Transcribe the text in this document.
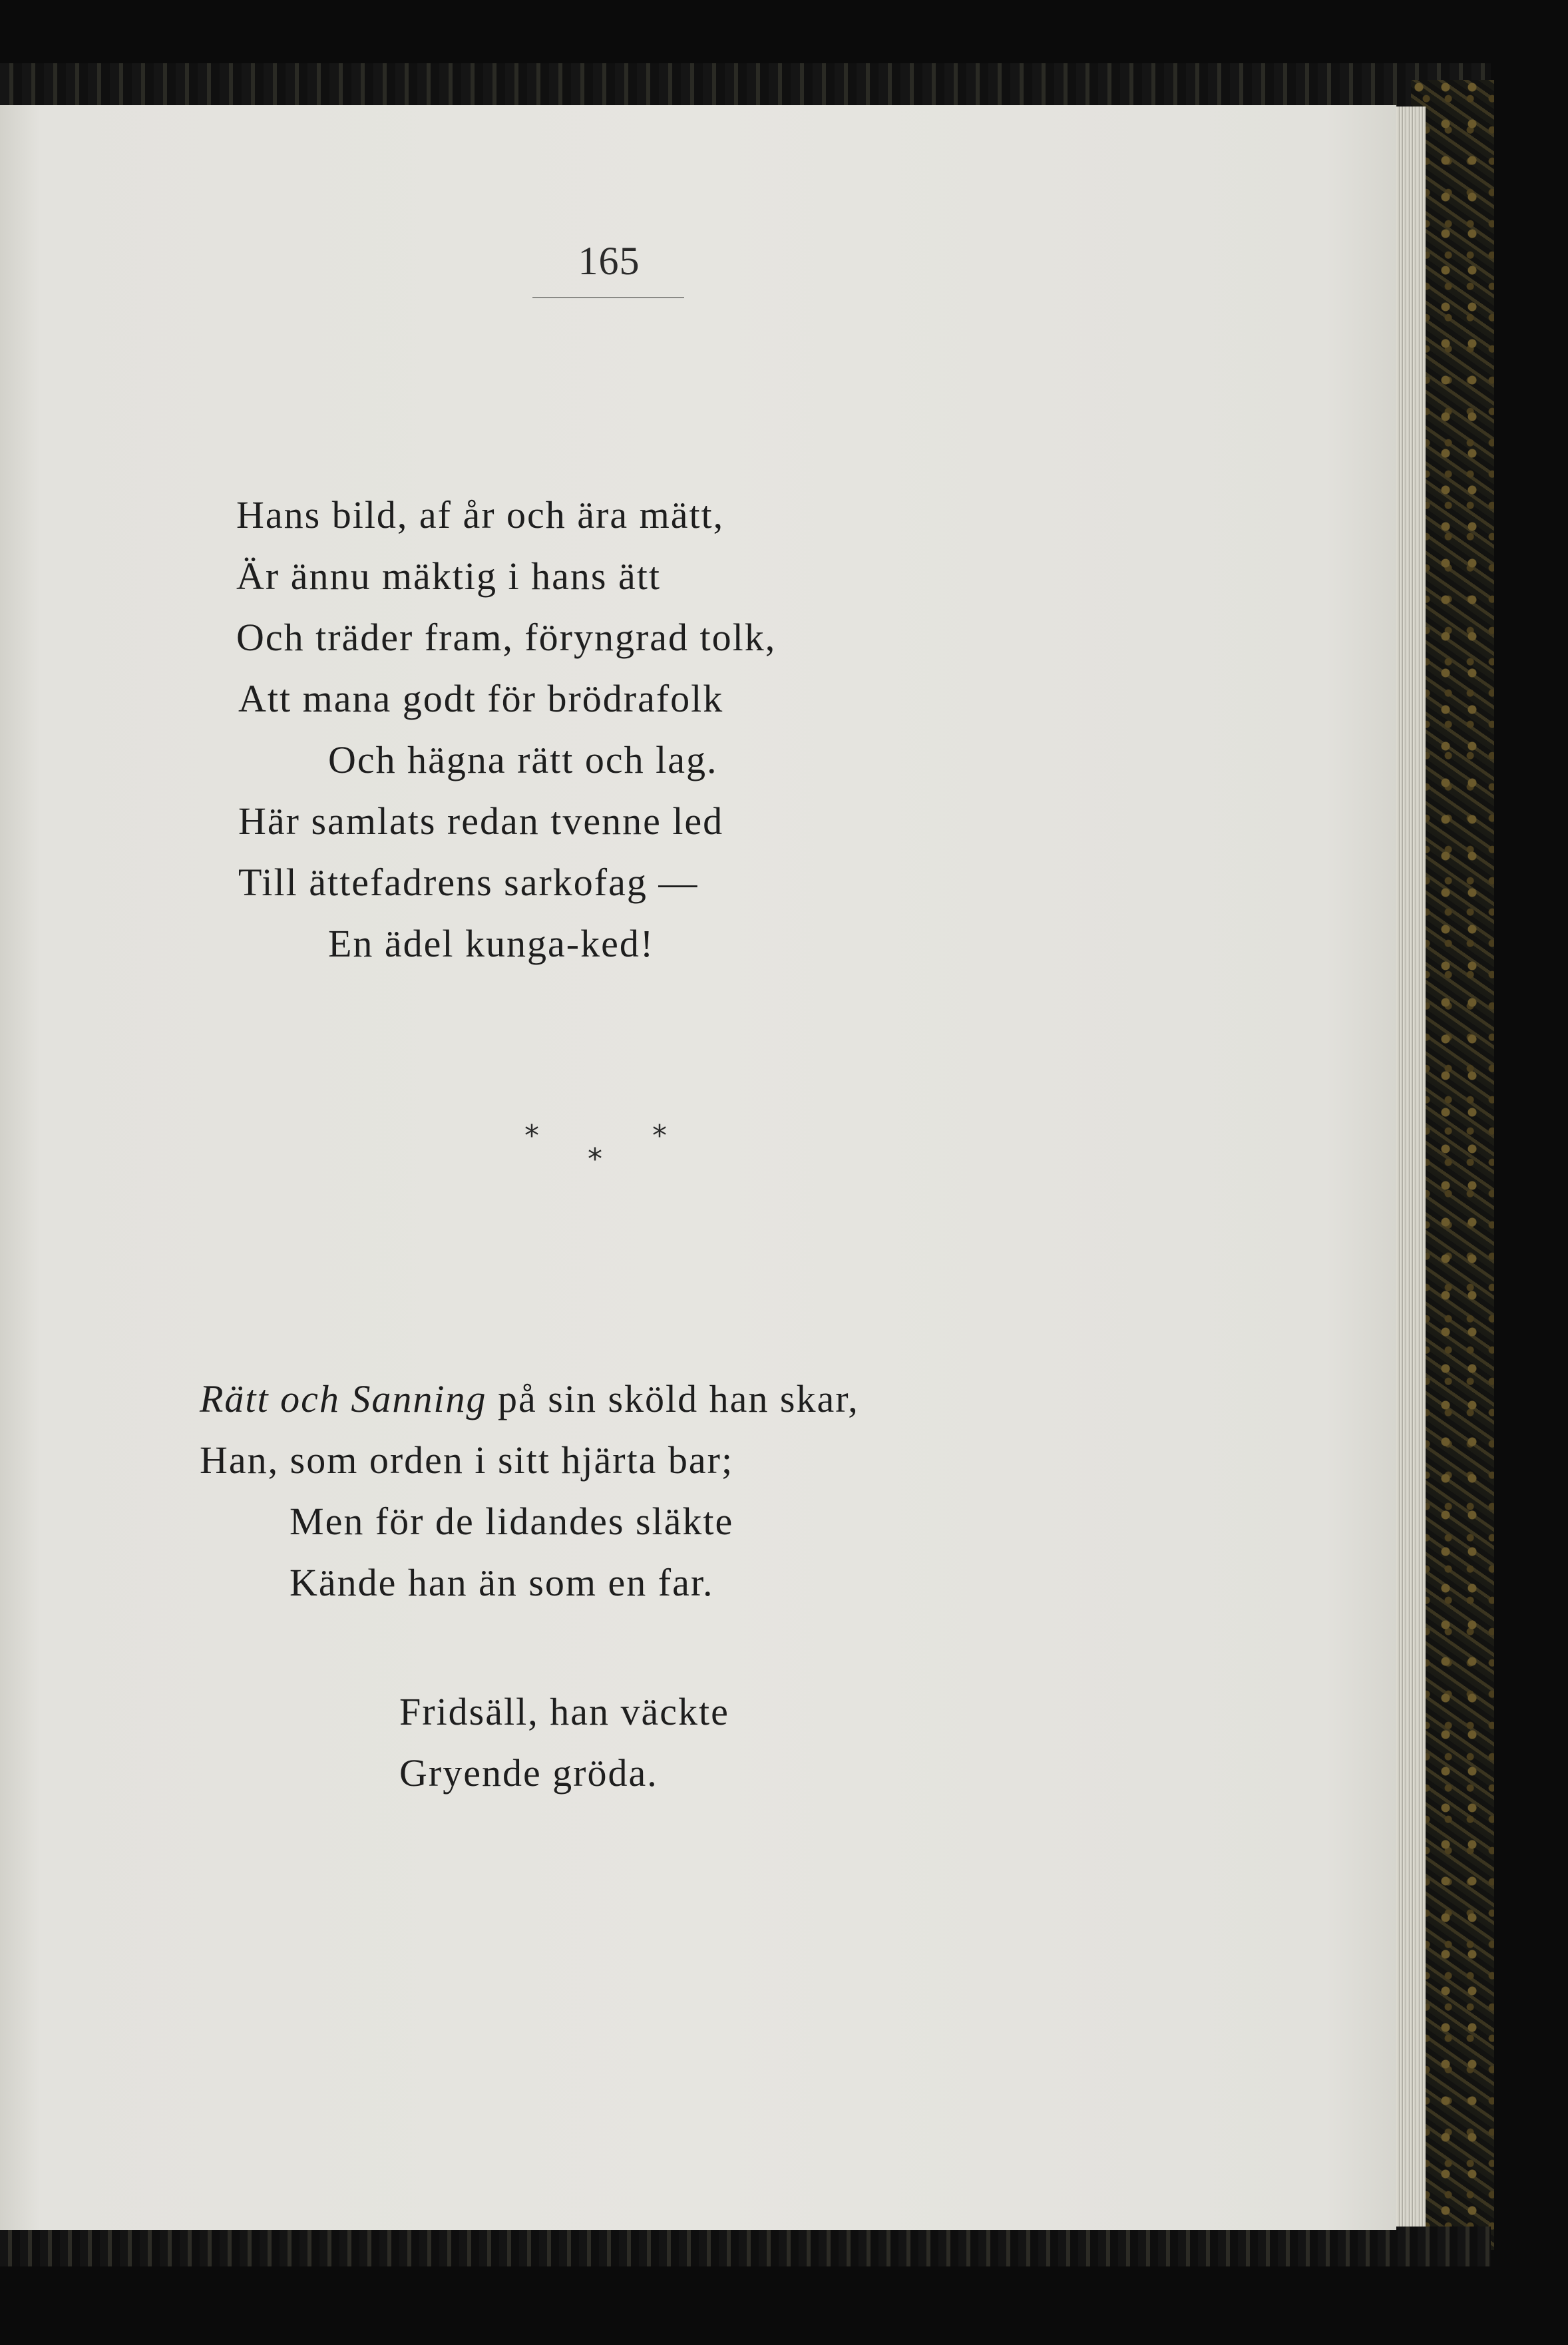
165
Hans bild, af år och ära mätt,
Är ännu mäktig i hans ätt
Och träder fram, föryngrad tolk,
Att mana godt för brödrafolk
Och hägna rätt och lag.
Här samlats redan tvenne led
Till ättefadrens sarkofag —
En ädel kunga-ked!
*	*
*
Rätt och Sanning på sin sköld han skar,
Han, som orden i sitt hjärta bar;
Men för de lidandes släkte
Kände han än som en far.
Fridsäll, han väckte
Gryende gröda.
